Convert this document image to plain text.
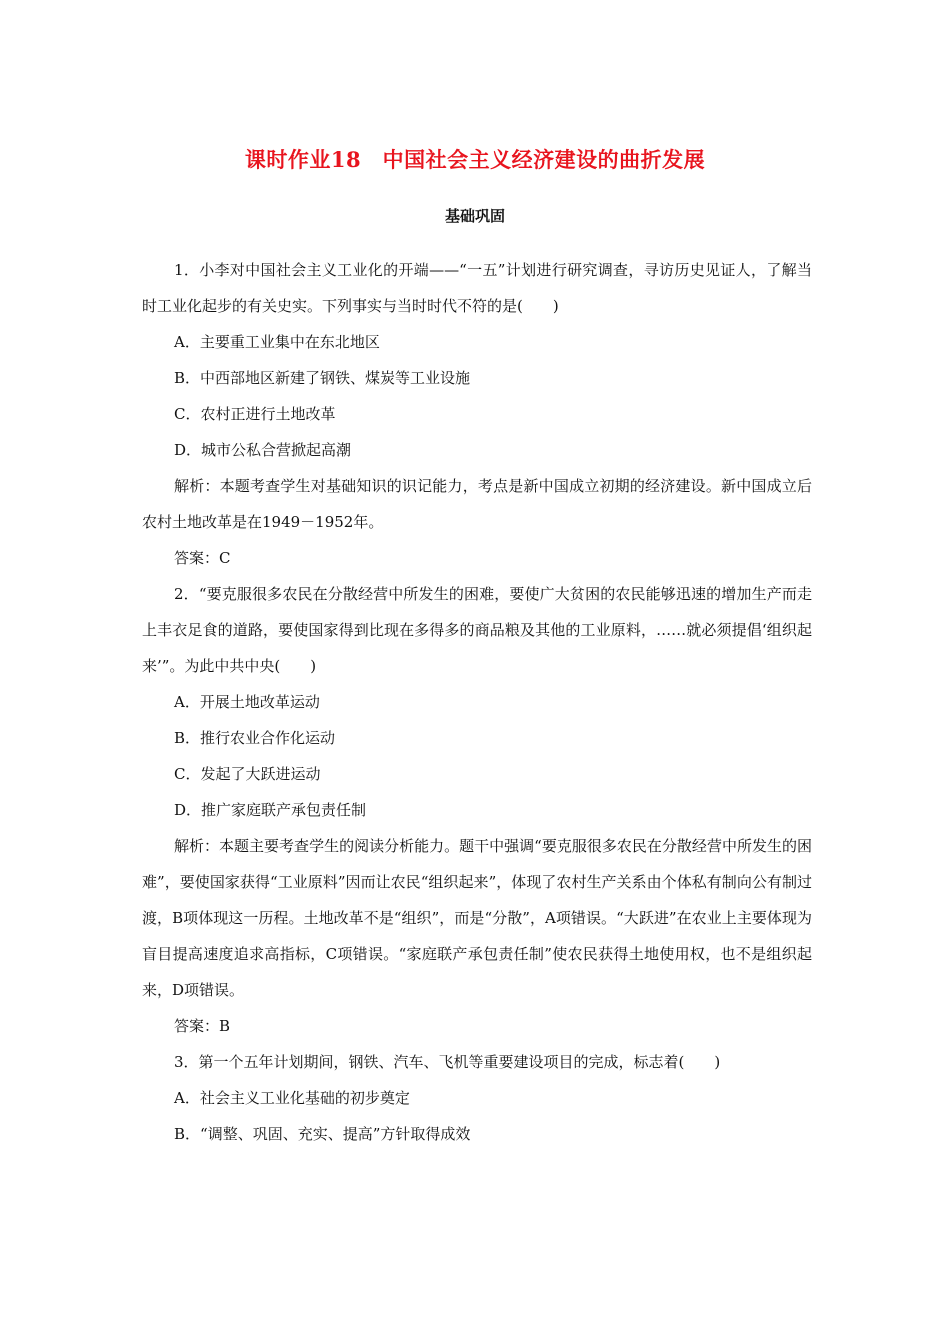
课时作业18　中国社会主义经济建设的曲折发展
基础巩固

1．小李对中国社会主义工业化的开端——“一五”计划进行研究调查，寻访历史见证人，了解当时工业化起步的有关史实。下列事实与当时时代不符的是(　　)

A．主要重工业集中在东北地区

B．中西部地区新建了钢铁、煤炭等工业设施

C．农村正进行土地改革

D．城市公私合营掀起高潮

解析：本题考查学生对基础知识的识记能力，考点是新中国成立初期的经济建设。新中国成立后农村土地改革是在1949－1952年。

答案：C

2．“要克服很多农民在分散经营中所发生的困难，要使广大贫困的农民能够迅速的增加生产而走上丰衣足食的道路，要使国家得到比现在多得多的商品粮及其他的工业原料，……就必须提倡‘组织起来’”。为此中共中央(　　)

A．开展土地改革运动

B．推行农业合作化运动

C．发起了大跃进运动

D．推广家庭联产承包责任制

解析：本题主要考查学生的阅读分析能力。题干中强调“要克服很多农民在分散经营中所发生的困难”，要使国家获得“工业原料”因而让农民“组织起来”，体现了农村生产关系由个体私有制向公有制过渡，B项体现这一历程。土地改革不是“组织”，而是“分散”，A项错误。“大跃进”在农业上主要体现为盲目提高速度追求高指标，C项错误。“家庭联产承包责任制”使农民获得土地使用权，也不是组织起来，D项错误。

答案：B

3．第一个五年计划期间，钢铁、汽车、飞机等重要建设项目的完成，标志着(　　)

A．社会主义工业化基础的初步奠定

B．“调整、巩固、充实、提高”方针取得成效
